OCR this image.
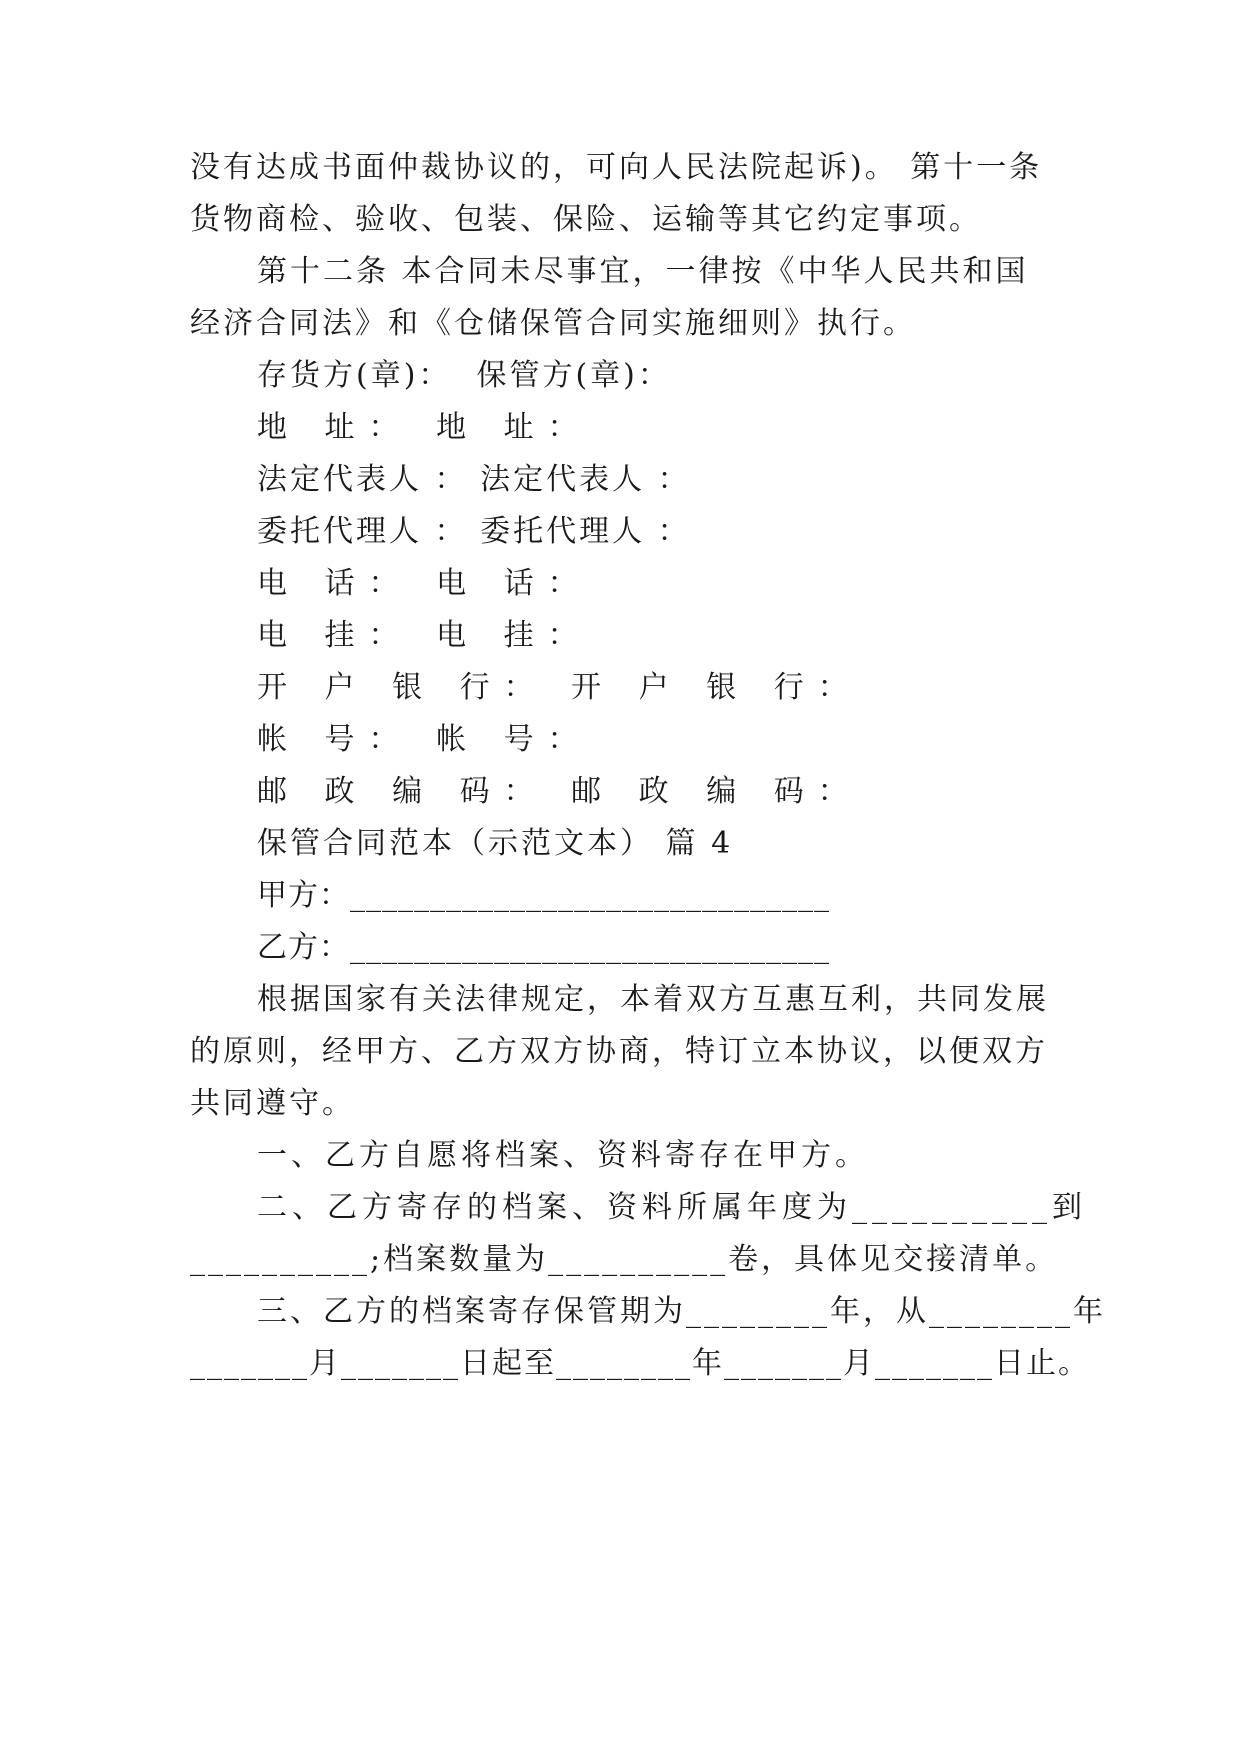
没有达成书面仲裁协议的，可向人民法院起诉)。 第十一条
货物商检、验收、包装、保险、运输等其它约定事项。
第十二条 本合同未尽事宜，一律按《中华人民共和国
经济合同法》和《仓储保管合同实施细则》执行。
存货方(章)：  保管方(章)：
地 址： 地 址：
法定代表人 ： 法定代表人 ：
委托代理人 ： 委托代理人 ：
电 话： 电 话：
电 挂： 电 挂：
开 户 银 行： 开 户 银 行：
帐 号： 帐 号：
邮 政 编 码： 邮 政 编 码：
保管合同范本（示范文本） 篇 4
甲方：______________________________
乙方：______________________________
根据国家有关法律规定，本着双方互惠互利，共同发展
的原则，经甲方、乙方双方协商，特订立本协议，以便双方
共同遵守。
一、乙方自愿将档案、资料寄存在甲方。
二、乙方寄存的档案、资料所属年度为__________到
__________;档案数量为__________卷，具体见交接清单。
三、乙方的档案寄存保管期为________年，从________年
_______月_______日起至________年_______月_______日止。
